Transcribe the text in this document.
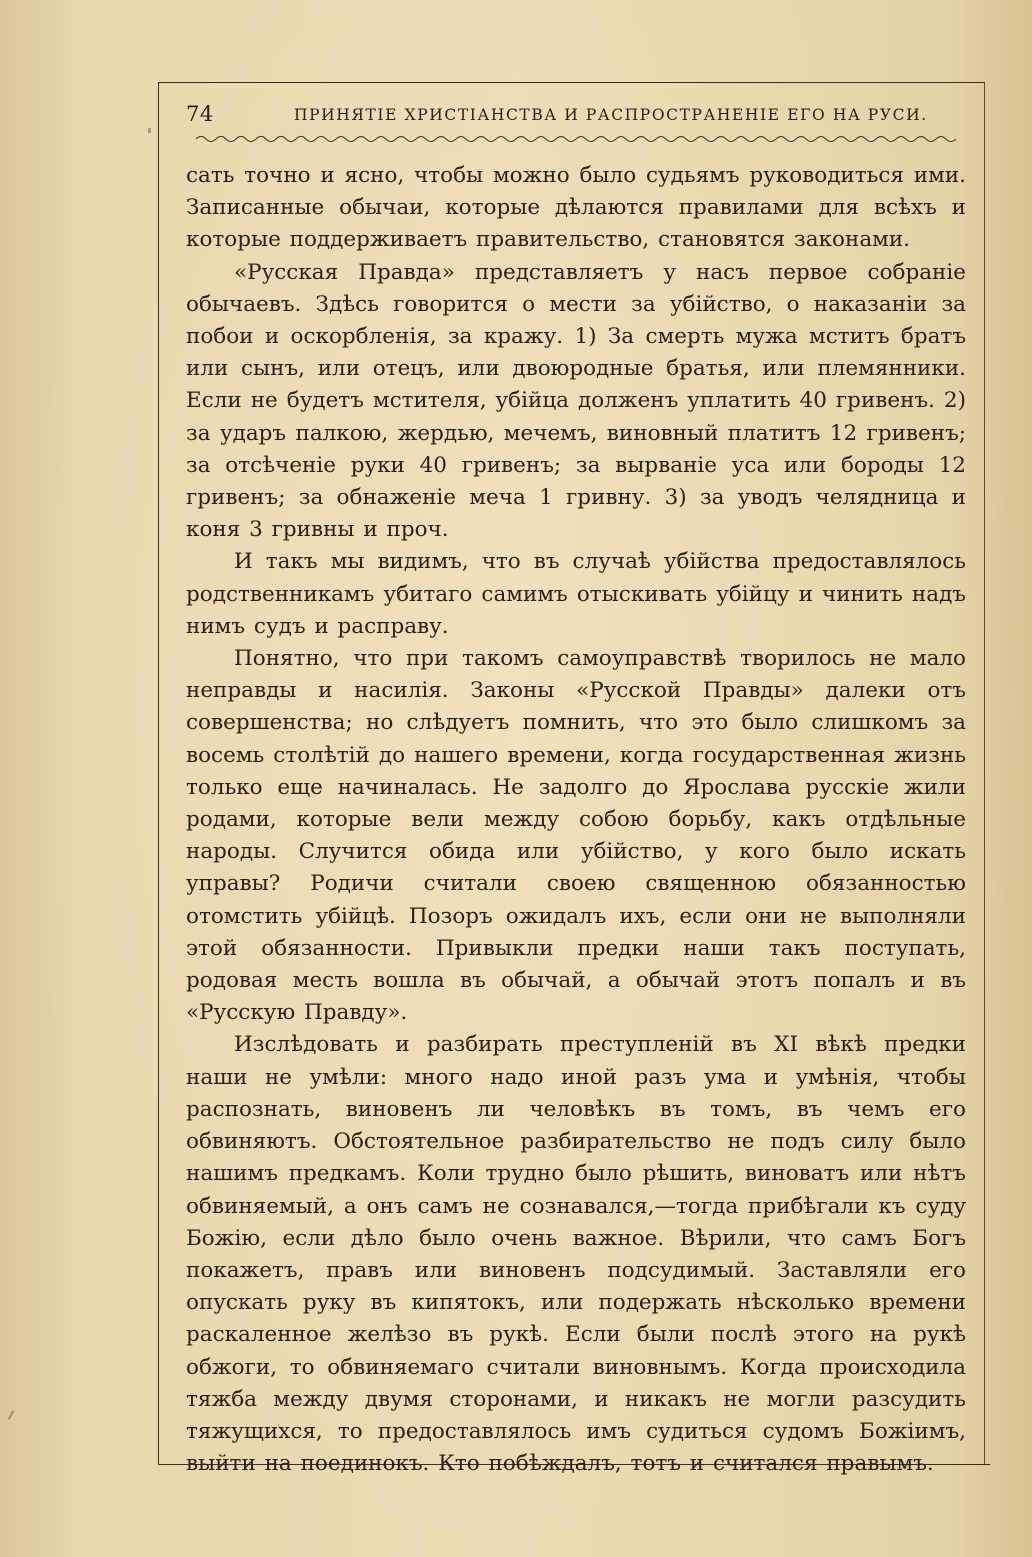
74	ПРИНЯТІЕ ХРИСТІАНСТВА И РАСПРОСТРАНЕНІЕ ЕГО НА РУСИ.

сать точно и ясно, чтобы можно было судьямъ руководиться ими. Записанные обычаи, которые дѣлаются правилами для всѣхъ и которые поддерживаетъ правительство, становятся законами.

«Русская Правда» представляетъ у насъ первое собраніе обычаевъ. Здѣсь говорится о мести за убійство, о наказаніи за побои и оскорбленія, за кражу. 1) За смерть мужа мститъ братъ или сынъ, или отецъ, или двоюродные братья, или племянники. Если не будетъ мстителя, убійца долженъ уплатить 40 гривенъ. 2) за ударъ палкою, жердью, мечемъ, виновный платитъ 12 гривенъ; за отсѣченіе руки 40 гривенъ; за вырваніе уса или бороды 12 гривенъ; за обнаженіе меча 1 гривну. 3) за уводъ челядница и коня 3 гривны и проч.

И такъ мы видимъ, что въ случаѣ убійства предоставлялось родственникамъ убитаго самимъ отыскивать убійцу и чинить надъ нимъ судъ и расправу.

Понятно, что при такомъ самоуправствѣ творилось не мало неправды и насилія. Законы «Русской Правды» далеки отъ совершенства; но слѣдуетъ помнить, что это было слишкомъ за восемь столѣтій до нашего времени, когда государственная жизнь только еще начиналась. Не задолго до Ярослава русскіе жили родами, которые вели между собою борьбу, какъ отдѣльные народы. Случится обида или убійство, у кого было искать управы? Родичи считали своею священною обязанностью отомстить убійцѣ. Позоръ ожидалъ ихъ, если они не выполняли этой обязанности. Привыкли предки наши такъ поступать, родовая месть вошла въ обычай, а обычай этотъ попалъ и въ «Русскую Правду».

Изслѣдовать и разбирать преступленій въ XI вѣкѣ предки наши не умѣли: много надо иной разъ ума и умѣнія, чтобы распознать, виновенъ ли человѣкъ въ томъ, въ чемъ его обвиняютъ. Обстоятельное разбирательство не подъ силу было нашимъ предкамъ. Коли трудно было рѣшить, виноватъ или нѣтъ обвиняемый, а онъ самъ не сознавался,—тогда прибѣгали къ суду Божію, если дѣло было очень важное. Вѣрили, что самъ Богъ покажетъ, правъ или виновенъ подсудимый. Заставляли его опускать руку въ кипятокъ, или подержать нѣсколько времени раскаленное желѣзо въ рукѣ. Если были послѣ этого на рукѣ обжоги, то обвиняемаго считали виновнымъ. Когда происходила тяжба между двумя сторонами, и никакъ не могли разсудить тяжущихся, то предоставлялось имъ судиться судомъ Божіимъ, выйти на поединокъ. Кто побѣждалъ, тотъ и считался правымъ.
